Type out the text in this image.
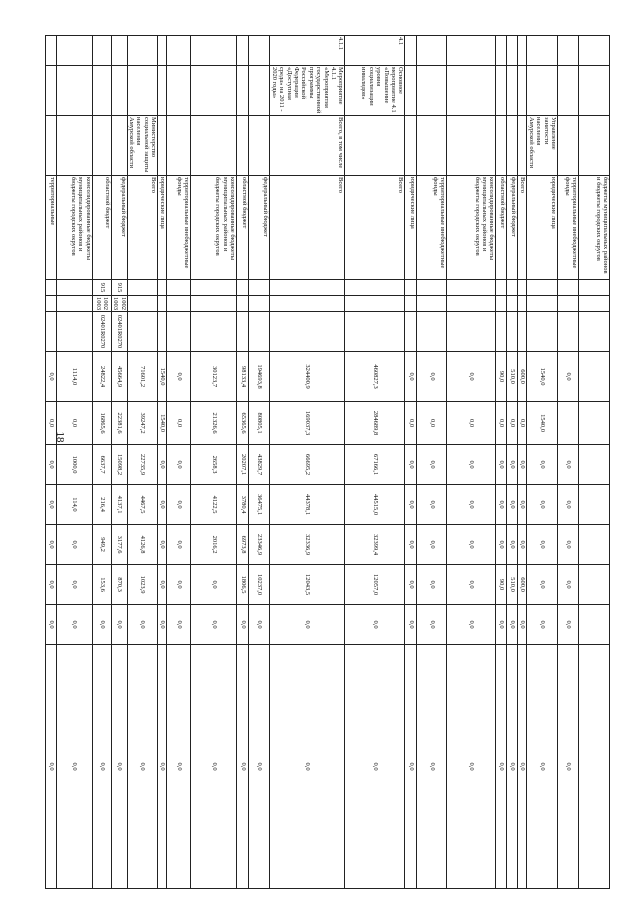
18
			бюджеты муниципальных районов и бюджеты городских округов											
			территориальные внебюджетные фонды				0,0		0,0	0,0	0,0	0,0	0,0	0,0
		Управление занятости населения Амурской области	юридические лица				1540,0	1540,0	0,0	0,0	0,0	0,0	0,0	0,0
			Всего				600,0	0,0	0,0	0,0	0,0	600,0	0,0	0,0
			федеральный бюджет				510,0	0,0	0,0	0,0	0,0	510,0	0,0	0,0
			областной бюджет				90,0	0,0	0,0	0,0	0,0	90,0	0,0	0,0
			консолидированные бюджеты муниципальных районов и бюджеты городских округов				0,0	0,0	0,0	0,0	0,0	0,0	0,0	0,0
			территориальные внебюджетные фонды				0,0	0,0	0,0	0,0	0,0	0,0	0,0	0,0
			юридические лица				0,0	0,0	0,0	0,0	0,0	0,0	0,0	0,0
4.1	Основное мероприятие 4.1 «Повышение уровня социализации инвалидов»		Всего				460827,3	284689,8	67166,1	44515,0	32399,4	12057,0	0,0	0,0
4.1.1	Мероприятие 4.1.1 «Мероприятия государственной программы Российской Федерации «Доступная среда» на 2011 - 2020 годы»	Всего, в том числе	Всего				324400,9	169037,3	66695,2	44378,1	32336,9	12043,5	0,0	0,0
			федеральный бюджет				194693,8	80805,1	43829,7	36475,1	23346,9	10237,0	0,0	0,0
			областной бюджет				98133,4	65365,6	20207,1	3780,4	6973,8	1806,5	0,0	0,0
			консолидированные бюджеты муниципальных районов и бюджеты городских округов				30123,7	21326,6	2658,3	4122,5	2016,2	0,0	0,0	0,0
			территориальные внебюджетные фонды				0,0	0,0	0,0	0,0	0,0	0,0	0,0	0,0
			юридические лица				1540,0	1540,0	0,0	0,0	0,0	0,0	0,0	0,0
		Министерство социальной защиты населения Амурской области	Всего				71601,2	39247,2	22735,9	4467,5	4126,8	1023,9	0,0	0,0
			федеральный бюджет	915	1002 1003	02401R0270	45664,9	22381,6	15098,2	4137,1	3177,6	870,3	0,0	0,0
			областной бюджет	915	1002 1003	02401R0270	24822,4	16865,6	6637,7	216,4	949,2	153,6	0,0	0,0
			консолидированные бюджеты муниципальных районов и бюджеты городских округов				1114,0	0,0	1000,0	114,0	0,0	0,0	0,0	0,0
			территориальные				0,0	0,0	0,0	0,0	0,0	0,0	0,0	0,0
